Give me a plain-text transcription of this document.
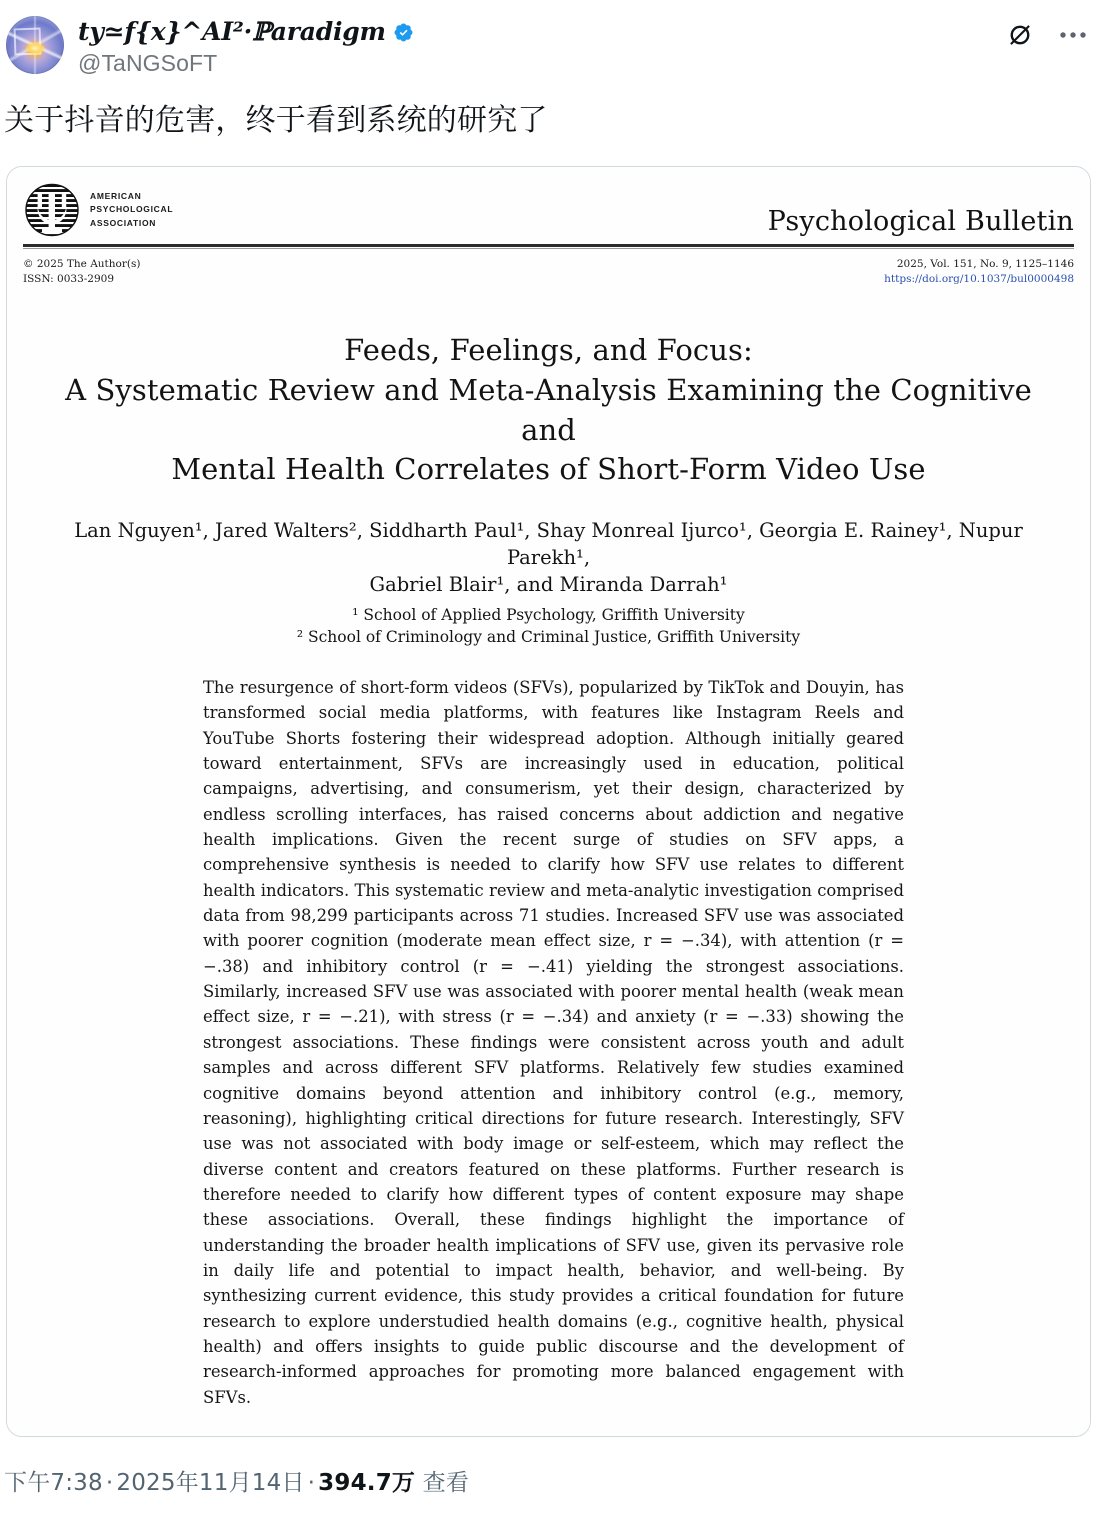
ty≃f{x}^AI²·ℙaradigm
@TaNGSoFT
关于抖音的危害，终于看到系统的研究了
AMERICAN
PSYCHOLOGICAL
ASSOCIATION	Psychological Bulletin
© 2025 The Author(s)
ISSN: 0033-2909
2025, Vol. 151, No. 9, 1125–1146
https://doi.org/10.1037/bul0000498
Feeds, Feelings, and Focus:
A Systematic Review and Meta-Analysis Examining the Cognitive and
Mental Health Correlates of Short-Form Video Use
Lan Nguyen¹, Jared Walters², Siddharth Paul¹, Shay Monreal Ijurco¹, Georgia E. Rainey¹, Nupur Parekh¹,
Gabriel Blair¹, and Miranda Darrah¹
¹ School of Applied Psychology, Griffith University
² School of Criminology and Criminal Justice, Griffith University
The resurgence of short-form videos (SFVs), popularized by TikTok and Douyin, has transformed social media platforms, with features like Instagram Reels and YouTube Shorts fostering their widespread adoption. Although initially geared toward entertainment, SFVs are increasingly used in education, political campaigns, advertising, and consumerism, yet their design, characterized by endless scrolling interfaces, has raised concerns about addiction and negative health implications. Given the recent surge of studies on SFV apps, a comprehensive synthesis is needed to clarify how SFV use relates to different health indicators. This systematic review and meta-analytic investigation comprised data from 98,299 participants across 71 studies. Increased SFV use was associated with poorer cognition (moderate mean effect size, r = −.34), with attention (r = −.38) and inhibitory control (r = −.41) yielding the strongest associations. Similarly, increased SFV use was associated with poorer mental health (weak mean effect size, r = −.21), with stress (r = −.34) and anxiety (r = −.33) showing the strongest associations. These findings were consistent across youth and adult samples and across different SFV platforms. Relatively few studies examined cognitive domains beyond attention and inhibitory control (e.g., memory, reasoning), highlighting critical directions for future research. Interestingly, SFV use was not associated with body image or self-esteem, which may reflect the diverse content and creators featured on these platforms. Further research is therefore needed to clarify how different types of content exposure may shape these associations. Overall, these findings highlight the importance of understanding the broader health implications of SFV use, given its pervasive role in daily life and potential to impact health, behavior, and well-being. By synthesizing current evidence, this study provides a critical foundation for future research to explore understudied health domains (e.g., cognitive health, physical health) and offers insights to guide public discourse and the development of research-informed approaches for promoting more balanced engagement with SFVs.
下午7:38 · 2025年11月14日 · 394.7万 查看
